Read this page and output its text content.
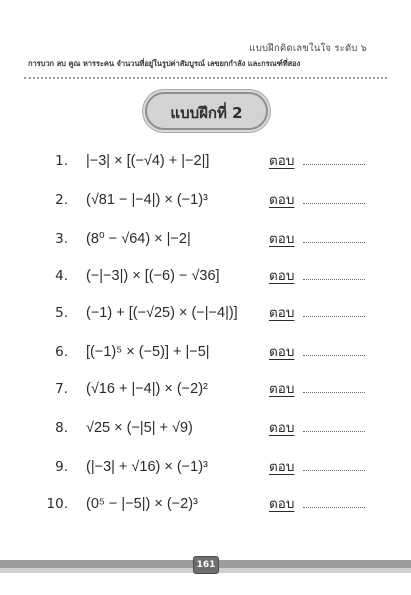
แบบฝึกคิดเลขในใจ ระดับ ๖
การบวก ลบ คูณ หารระคน จำนวนที่อยู่ในรูปค่าสัมบูรณ์ เลขยกกำลัง และกรณฑ์ที่สอง
แบบฝึกที่ 2
1. |−3| × [(−√4) + |−2|]	ตอบ
2. (√81 − |−4|) × (−1)³	ตอบ
3. (8⁰ − √64) × |−2|	ตอบ
4. (−|−3|) × [(−6) − √36]	ตอบ
5. (−1) + [(−√25) × (−|−4|)] ตอบ
6. [(−1)⁵ × (−5)] + |−5|	ตอบ
7. (√16 + |−4|) × (−2)²	ตอบ
8. √25 × (−|5| + √9)	ตอบ
9. (|−3| + √16) × (−1)³	ตอบ
10. (0⁵ − |−5|) × (−2)³	ตอบ
161
